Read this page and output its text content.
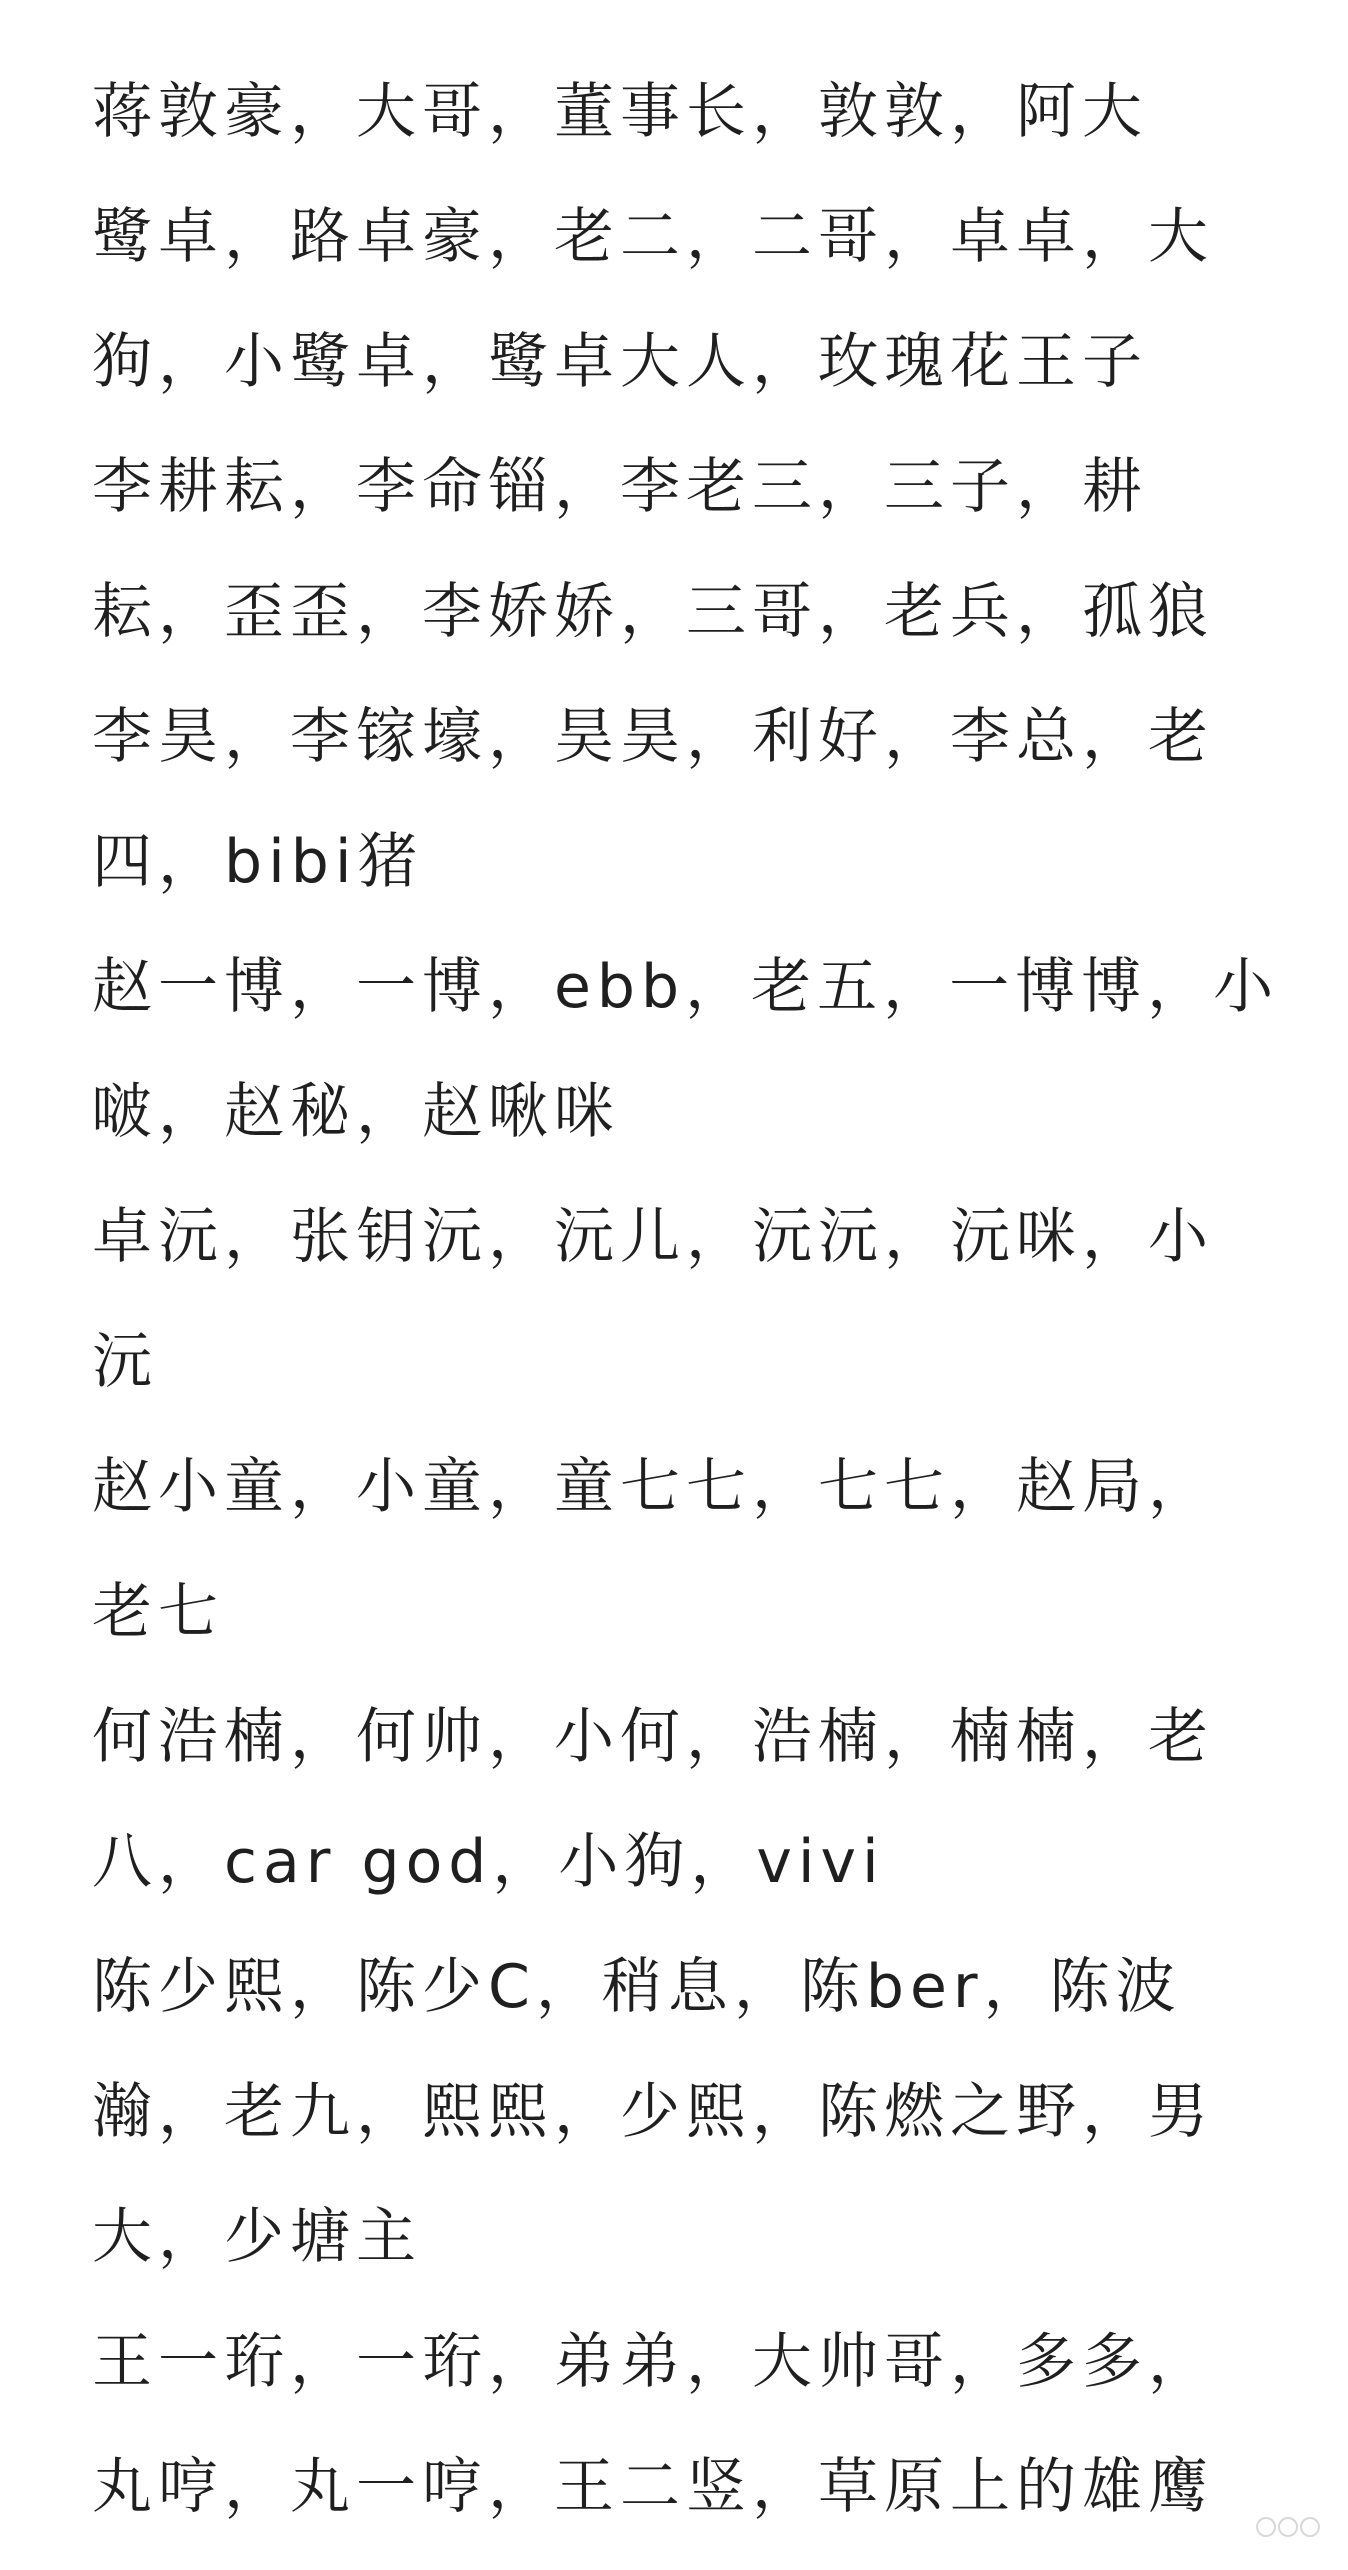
蒋敦豪，大哥，董事长，敦敦，阿大
鹭卓，路卓豪，老二，二哥，卓卓，大
狗，小鹭卓，鹭卓大人，玫瑰花王子
李耕耘，李命锱，李老三，三子，耕
耘，歪歪，李娇娇，三哥，老兵，孤狼
李昊，李镓壕，昊昊，利好，李总，老
四，bibi猪
赵一博，一博，ebb，老五，一博博，小
啵，赵秘，赵啾咪
卓沅，张钥沅，沅儿，沅沅，沅咪，小
沅
赵小童，小童，童七七，七七，赵局，
老七
何浩楠，何帅，小何，浩楠，楠楠，老
八，car god，小狗，vivi
陈少熙，陈少C，稍息，陈ber，陈波
瀚，老九，熙熙，少熙，陈燃之野，男
大，少塘主
王一珩，一珩，弟弟，大帅哥，多多，
丸哼，丸一哼，王二竖，草原上的雄鹰
